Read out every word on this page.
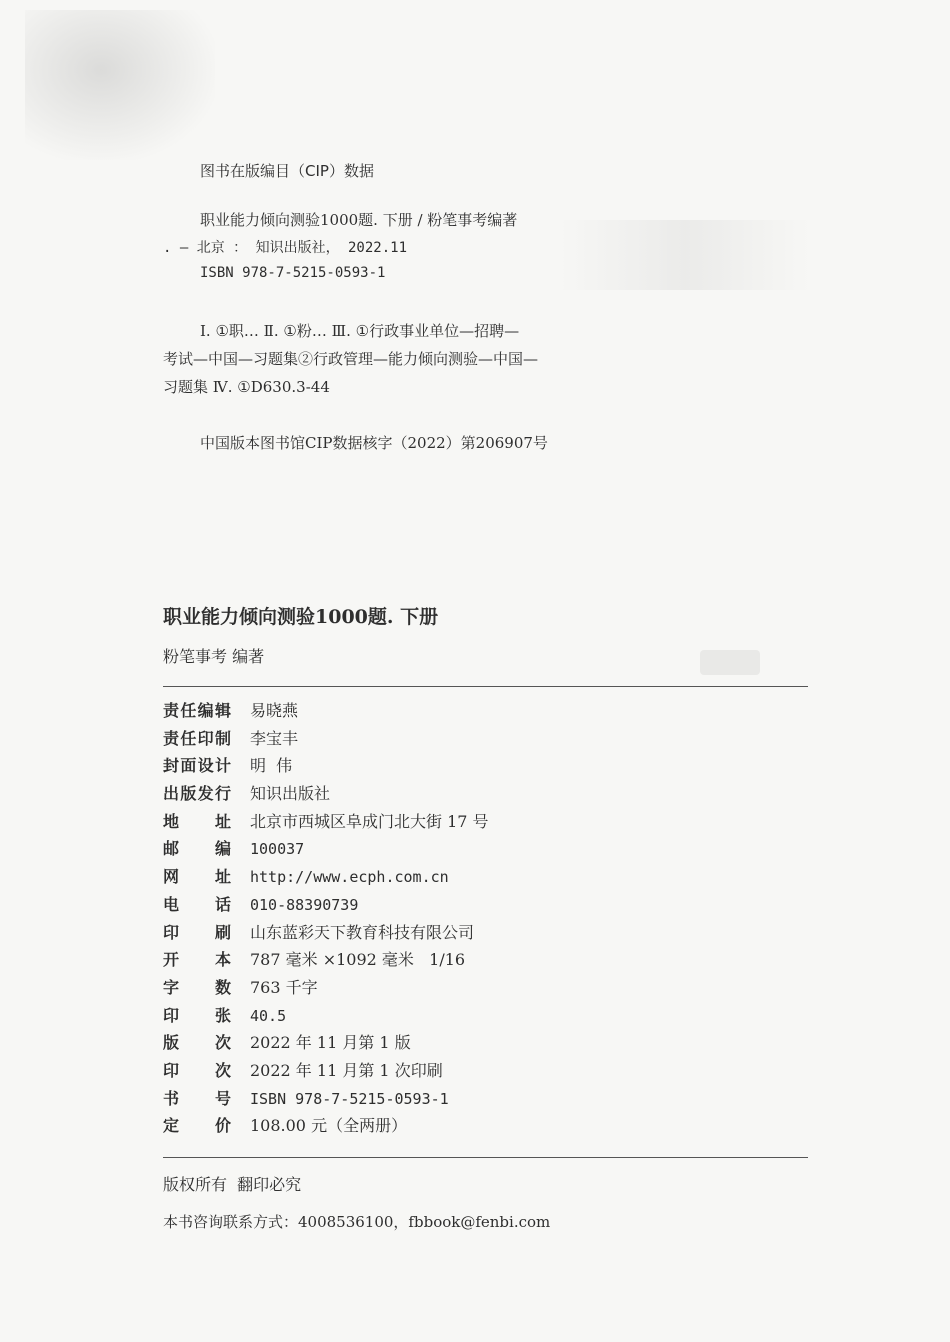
图书在版编目（CIP）数据
职业能力倾向测验1000题. 下册 / 粉笔事考编著
. — 北京 ： 知识出版社， 2022.11
ISBN 978-7-5215-0593-1
Ⅰ. ①职… Ⅱ. ①粉… Ⅲ. ①行政事业单位—招聘—
考试—中国—习题集②行政管理—能力倾向测验—中国—
习题集 Ⅳ. ①D630.3-44
中国版本图书馆CIP数据核字（2022）第206907号
职业能力倾向测验1000题. 下册
粉笔事考 编著
责任编辑 易晓燕
责任印制 李宝丰
封面设计 明  伟
出版发行 知识出版社
地 址 北京市西城区阜成门北大街 17 号
邮 编 100037
网 址 http://www.ecph.com.cn
电 话 010-88390739
印 刷 山东蓝彩天下教育科技有限公司
开 本 787 毫米 ×1092 毫米   1/16
字 数 763 千字
印 张 40.5
版 次 2022 年 11 月第 1 版
印 次 2022 年 11 月第 1 次印刷
书 号 ISBN 978-7-5215-0593-1
定 价 108.00 元（全两册）
版权所有  翻印必究
本书咨询联系方式：4008536100，fbbook@fenbi.com
